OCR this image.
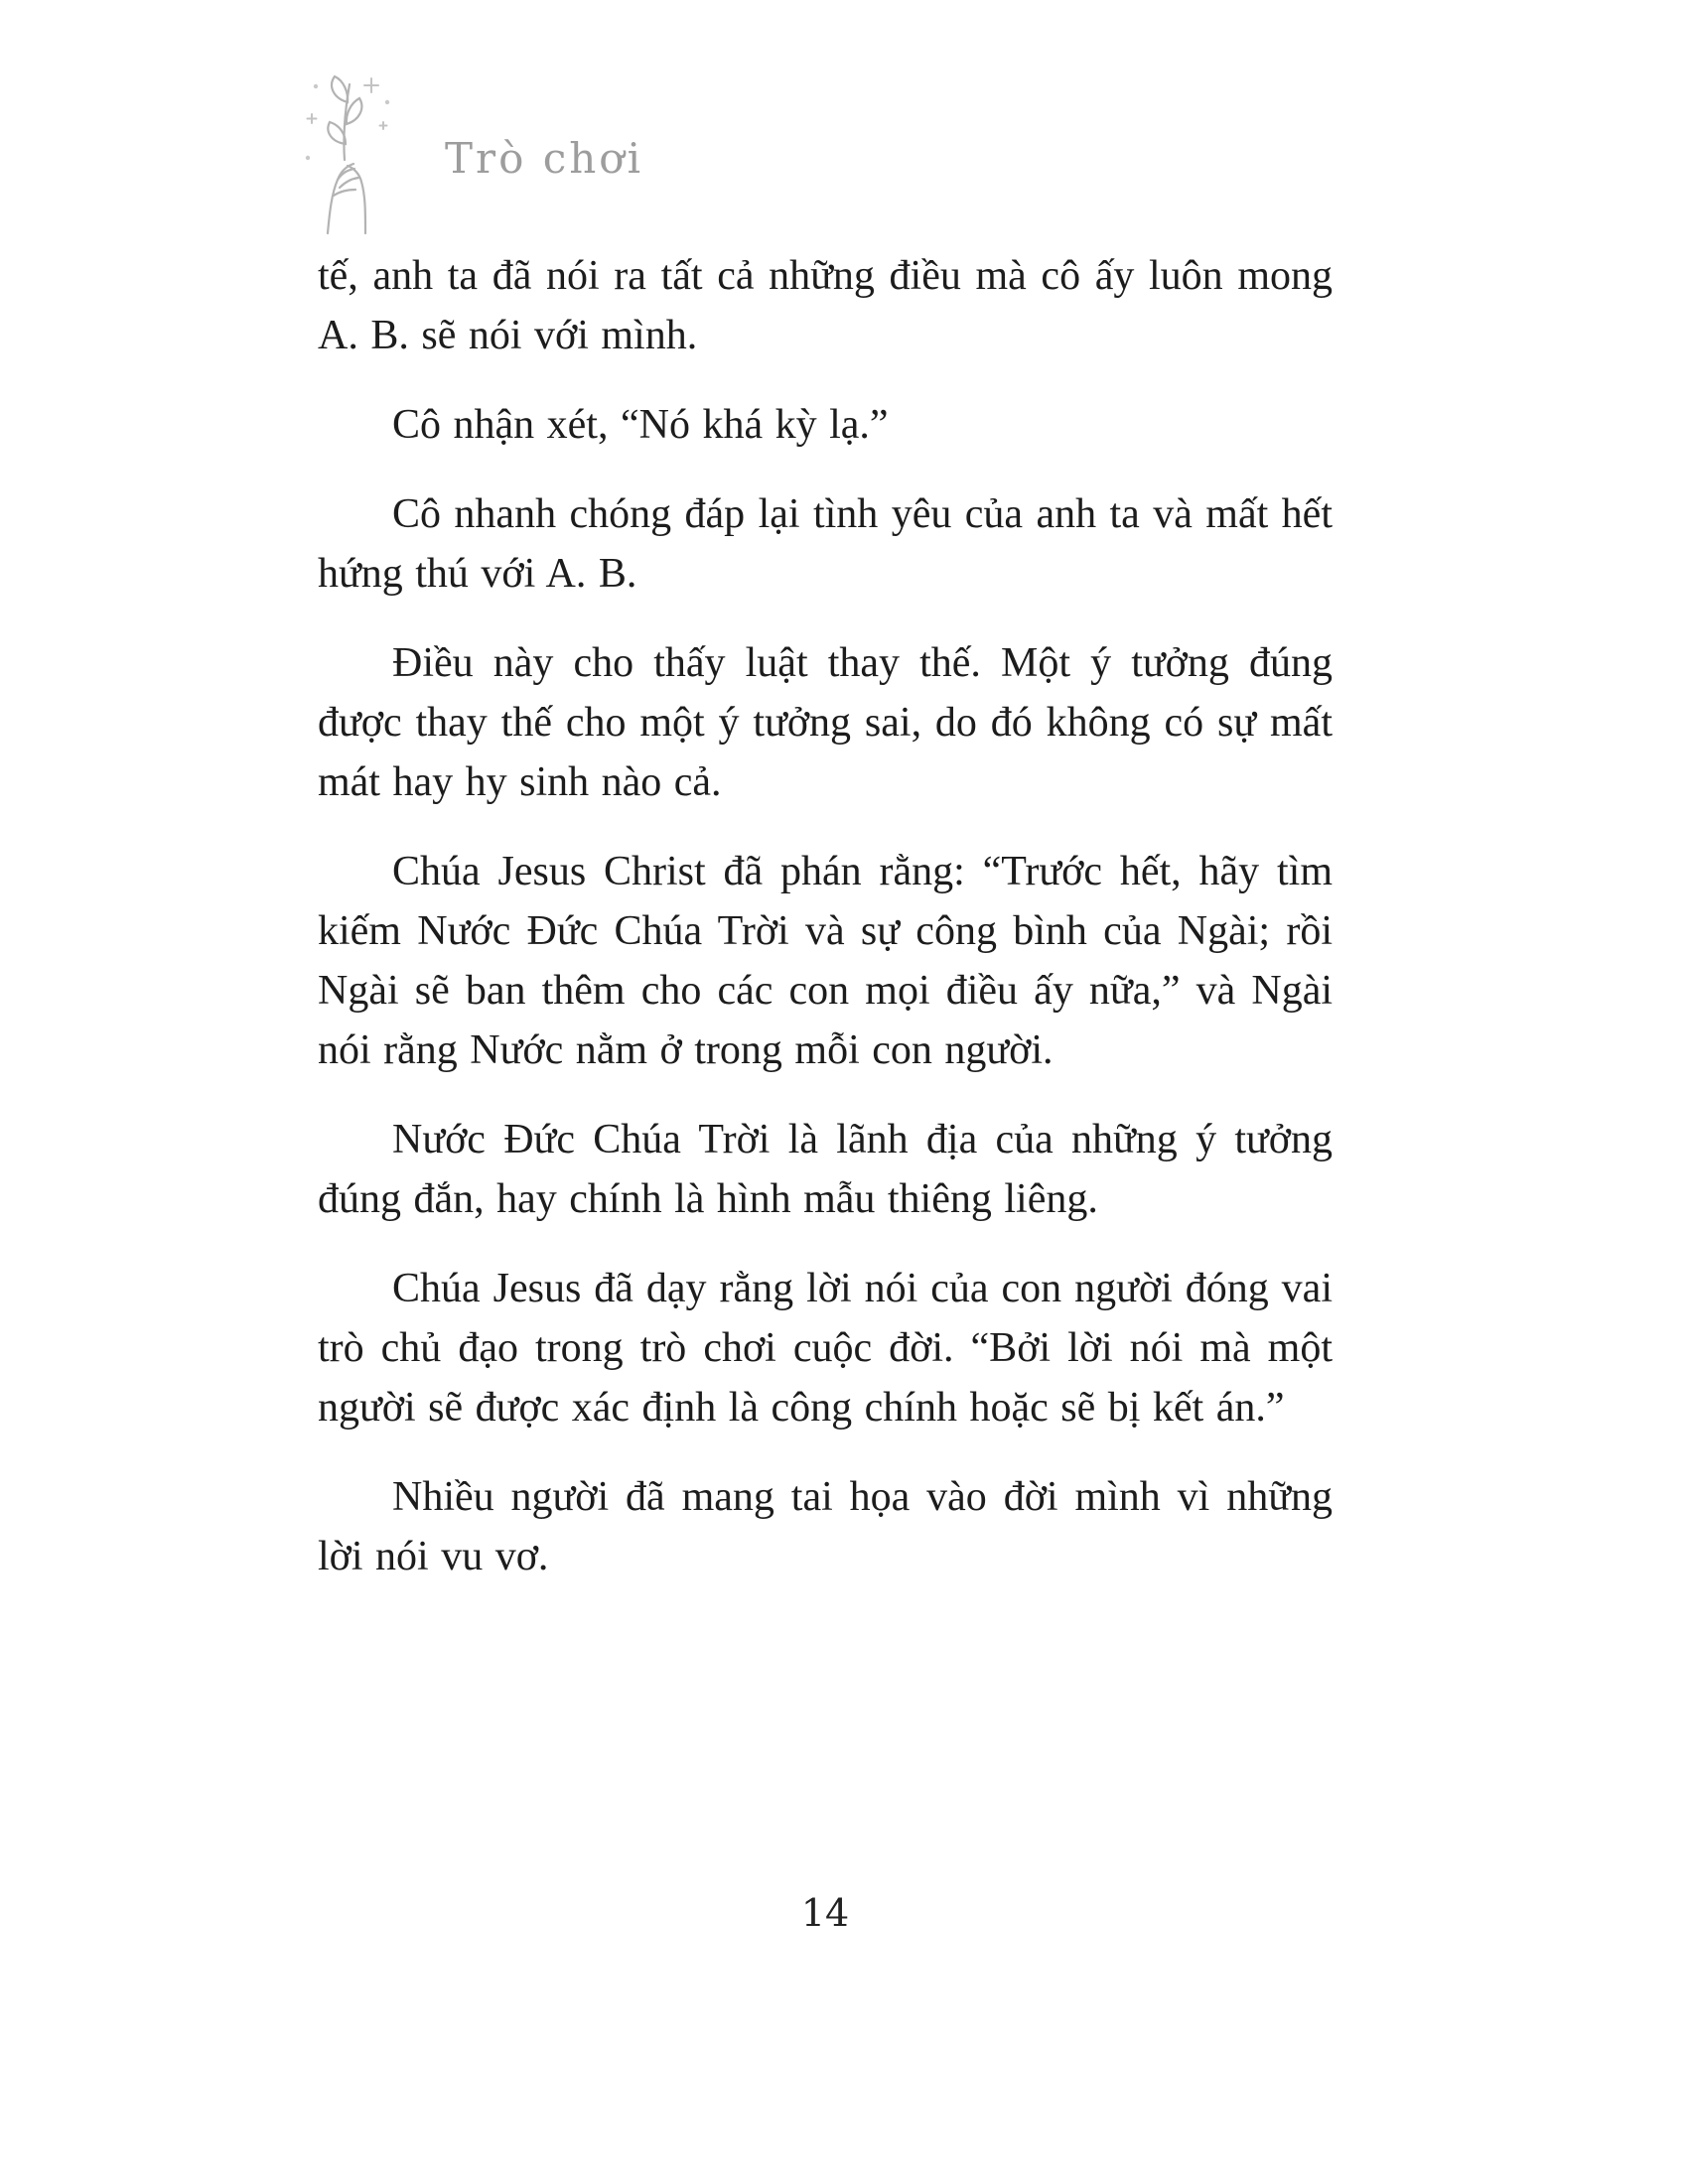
Trò chơi

tế, anh ta đã nói ra tất cả những điều mà cô ấy luôn mong A. B. sẽ nói với mình.

Cô nhận xét, “Nó khá kỳ lạ.”

Cô nhanh chóng đáp lại tình yêu của anh ta và mất hết hứng thú với A. B.

Điều này cho thấy luật thay thế. Một ý tưởng đúng được thay thế cho một ý tưởng sai, do đó không có sự mất mát hay hy sinh nào cả.

Chúa Jesus Christ đã phán rằng: “Trước hết, hãy tìm kiếm Nước Đức Chúa Trời và sự công bình của Ngài; rồi Ngài sẽ ban thêm cho các con mọi điều ấy nữa,” và Ngài nói rằng Nước nằm ở trong mỗi con người.

Nước Đức Chúa Trời là lãnh địa của những ý tưởng đúng đắn, hay chính là hình mẫu thiêng liêng.

Chúa Jesus đã dạy rằng lời nói của con người đóng vai trò chủ đạo trong trò chơi cuộc đời. “Bởi lời nói mà một người sẽ được xác định là công chính hoặc sẽ bị kết án.”

Nhiều người đã mang tai họa vào đời mình vì những lời nói vu vơ.

14
